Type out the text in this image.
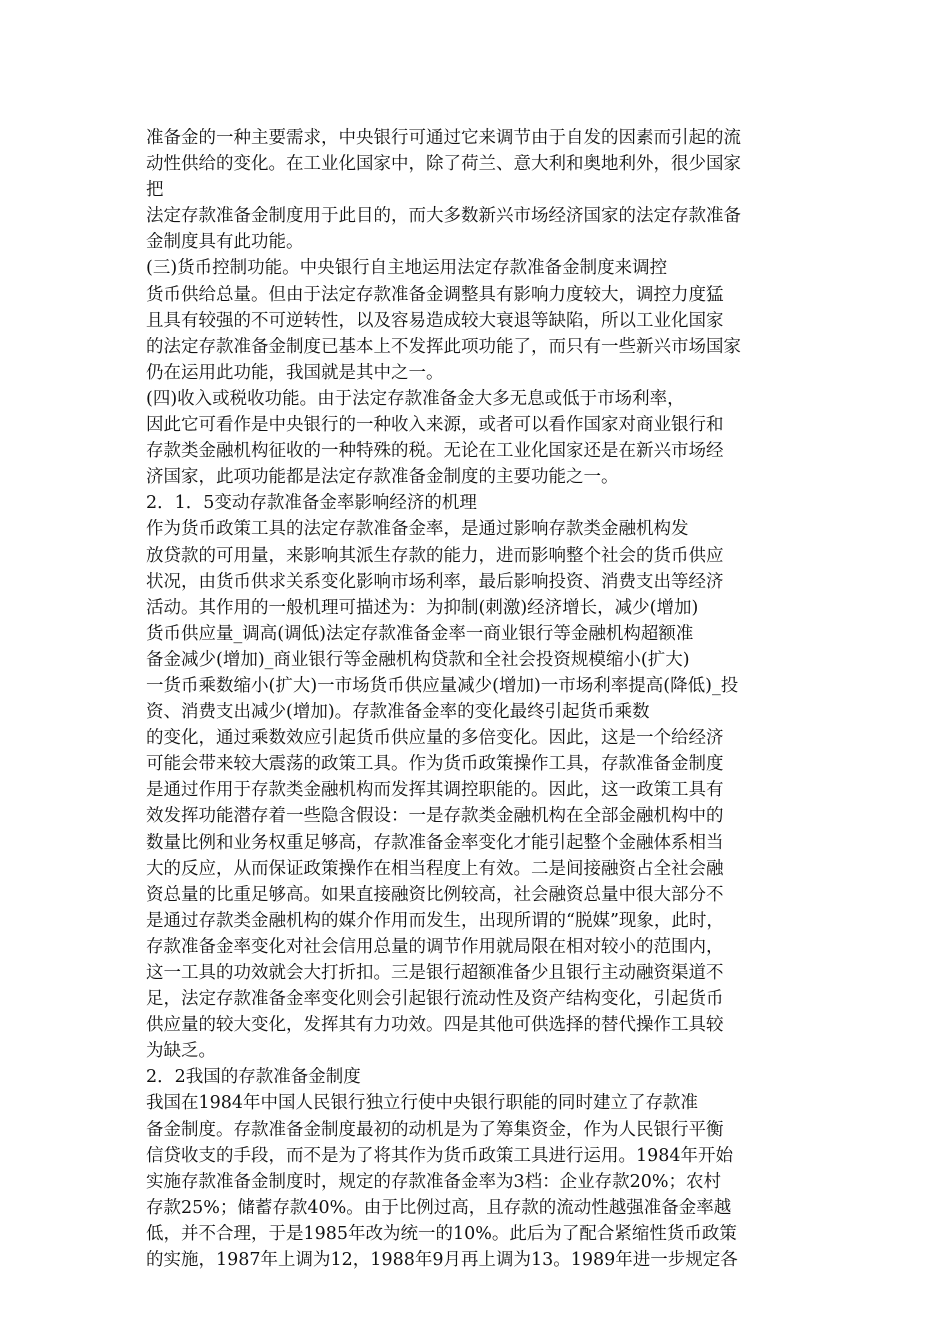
准备金的一种主要需求，中央银行可通过它来调节由于自发的因素而引起的流
动性供给的变化。在工业化国家中，除了荷兰、意大利和奥地利外，很少国家
把
法定存款准备金制度用于此目的，而大多数新兴市场经济国家的法定存款准备
金制度具有此功能。
(三)货币控制功能。中央银行自主地运用法定存款准备金制度来调控
货币供给总量。但由于法定存款准备金调整具有影响力度较大，调控力度猛
且具有较强的不可逆转性，以及容易造成较大衰退等缺陷，所以工业化国家
的法定存款准备金制度已基本上不发挥此项功能了，而只有一些新兴市场国家
仍在运用此功能，我国就是其中之一。
(四)收入或税收功能。由于法定存款准备金大多无息或低于市场利率，
因此它可看作是中央银行的一种收入来源，或者可以看作国家对商业银行和
存款类金融机构征收的一种特殊的税。无论在工业化国家还是在新兴市场经
济国家，此项功能都是法定存款准备金制度的主要功能之一。
2．1．5变动存款准备金率影响经济的机理
作为货币政策工具的法定存款准备金率，是通过影响存款类金融机构发
放贷款的可用量，来影响其派生存款的能力，进而影响整个社会的货币供应
状况，由货币供求关系变化影响市场利率，最后影响投资、消费支出等经济
活动。其作用的一般机理可描述为：为抑制(刺激)经济增长，减少(增加)
货币供应量_调高(调低)法定存款准备金率一商业银行等金融机构超额准
备金减少(增加)_商业银行等金融机构贷款和全社会投资规模缩小(扩大)
一货币乘数缩小(扩大)一市场货币供应量减少(增加)一市场利率提高(降低)_投
资、消费支出减少(增加)。存款准备金率的变化最终引起货币乘数
的变化，通过乘数效应引起货币供应量的多倍变化。因此，这是一个给经济
可能会带来较大震荡的政策工具。作为货币政策操作工具，存款准备金制度
是通过作用于存款类金融机构而发挥其调控职能的。因此，这一政策工具有
效发挥功能潜存着一些隐含假设：一是存款类金融机构在全部金融机构中的
数量比例和业务权重足够高，存款准备金率变化才能引起整个金融体系相当
大的反应，从而保证政策操作在相当程度上有效。二是间接融资占全社会融
资总量的比重足够高。如果直接融资比例较高，社会融资总量中很大部分不
是通过存款类金融机构的媒介作用而发生，出现所谓的“脱媒”现象，此时，
存款准备金率变化对社会信用总量的调节作用就局限在相对较小的范围内，
这一工具的功效就会大打折扣。三是银行超额准备少且银行主动融资渠道不
足，法定存款准备金率变化则会引起银行流动性及资产结构变化，引起货币
供应量的较大变化，发挥其有力功效。四是其他可供选择的替代操作工具较
为缺乏。
2．2我国的存款准备金制度
我国在1984年中国人民银行独立行使中央银行职能的同时建立了存款准
备金制度。存款准备金制度最初的动机是为了筹集资金，作为人民银行平衡
信贷收支的手段，而不是为了将其作为货币政策工具进行运用。1984年开始
实施存款准备金制度时，规定的存款准备金率为3档：企业存款20%；农村
存款25%；储蓄存款40%。由于比例过高，且存款的流动性越强准备金率越
低，并不合理，于是1985年改为统一的10%。此后为了配合紧缩性货币政策
的实施，1987年上调为12，1988年9月再上调为13。1989年进一步规定各
